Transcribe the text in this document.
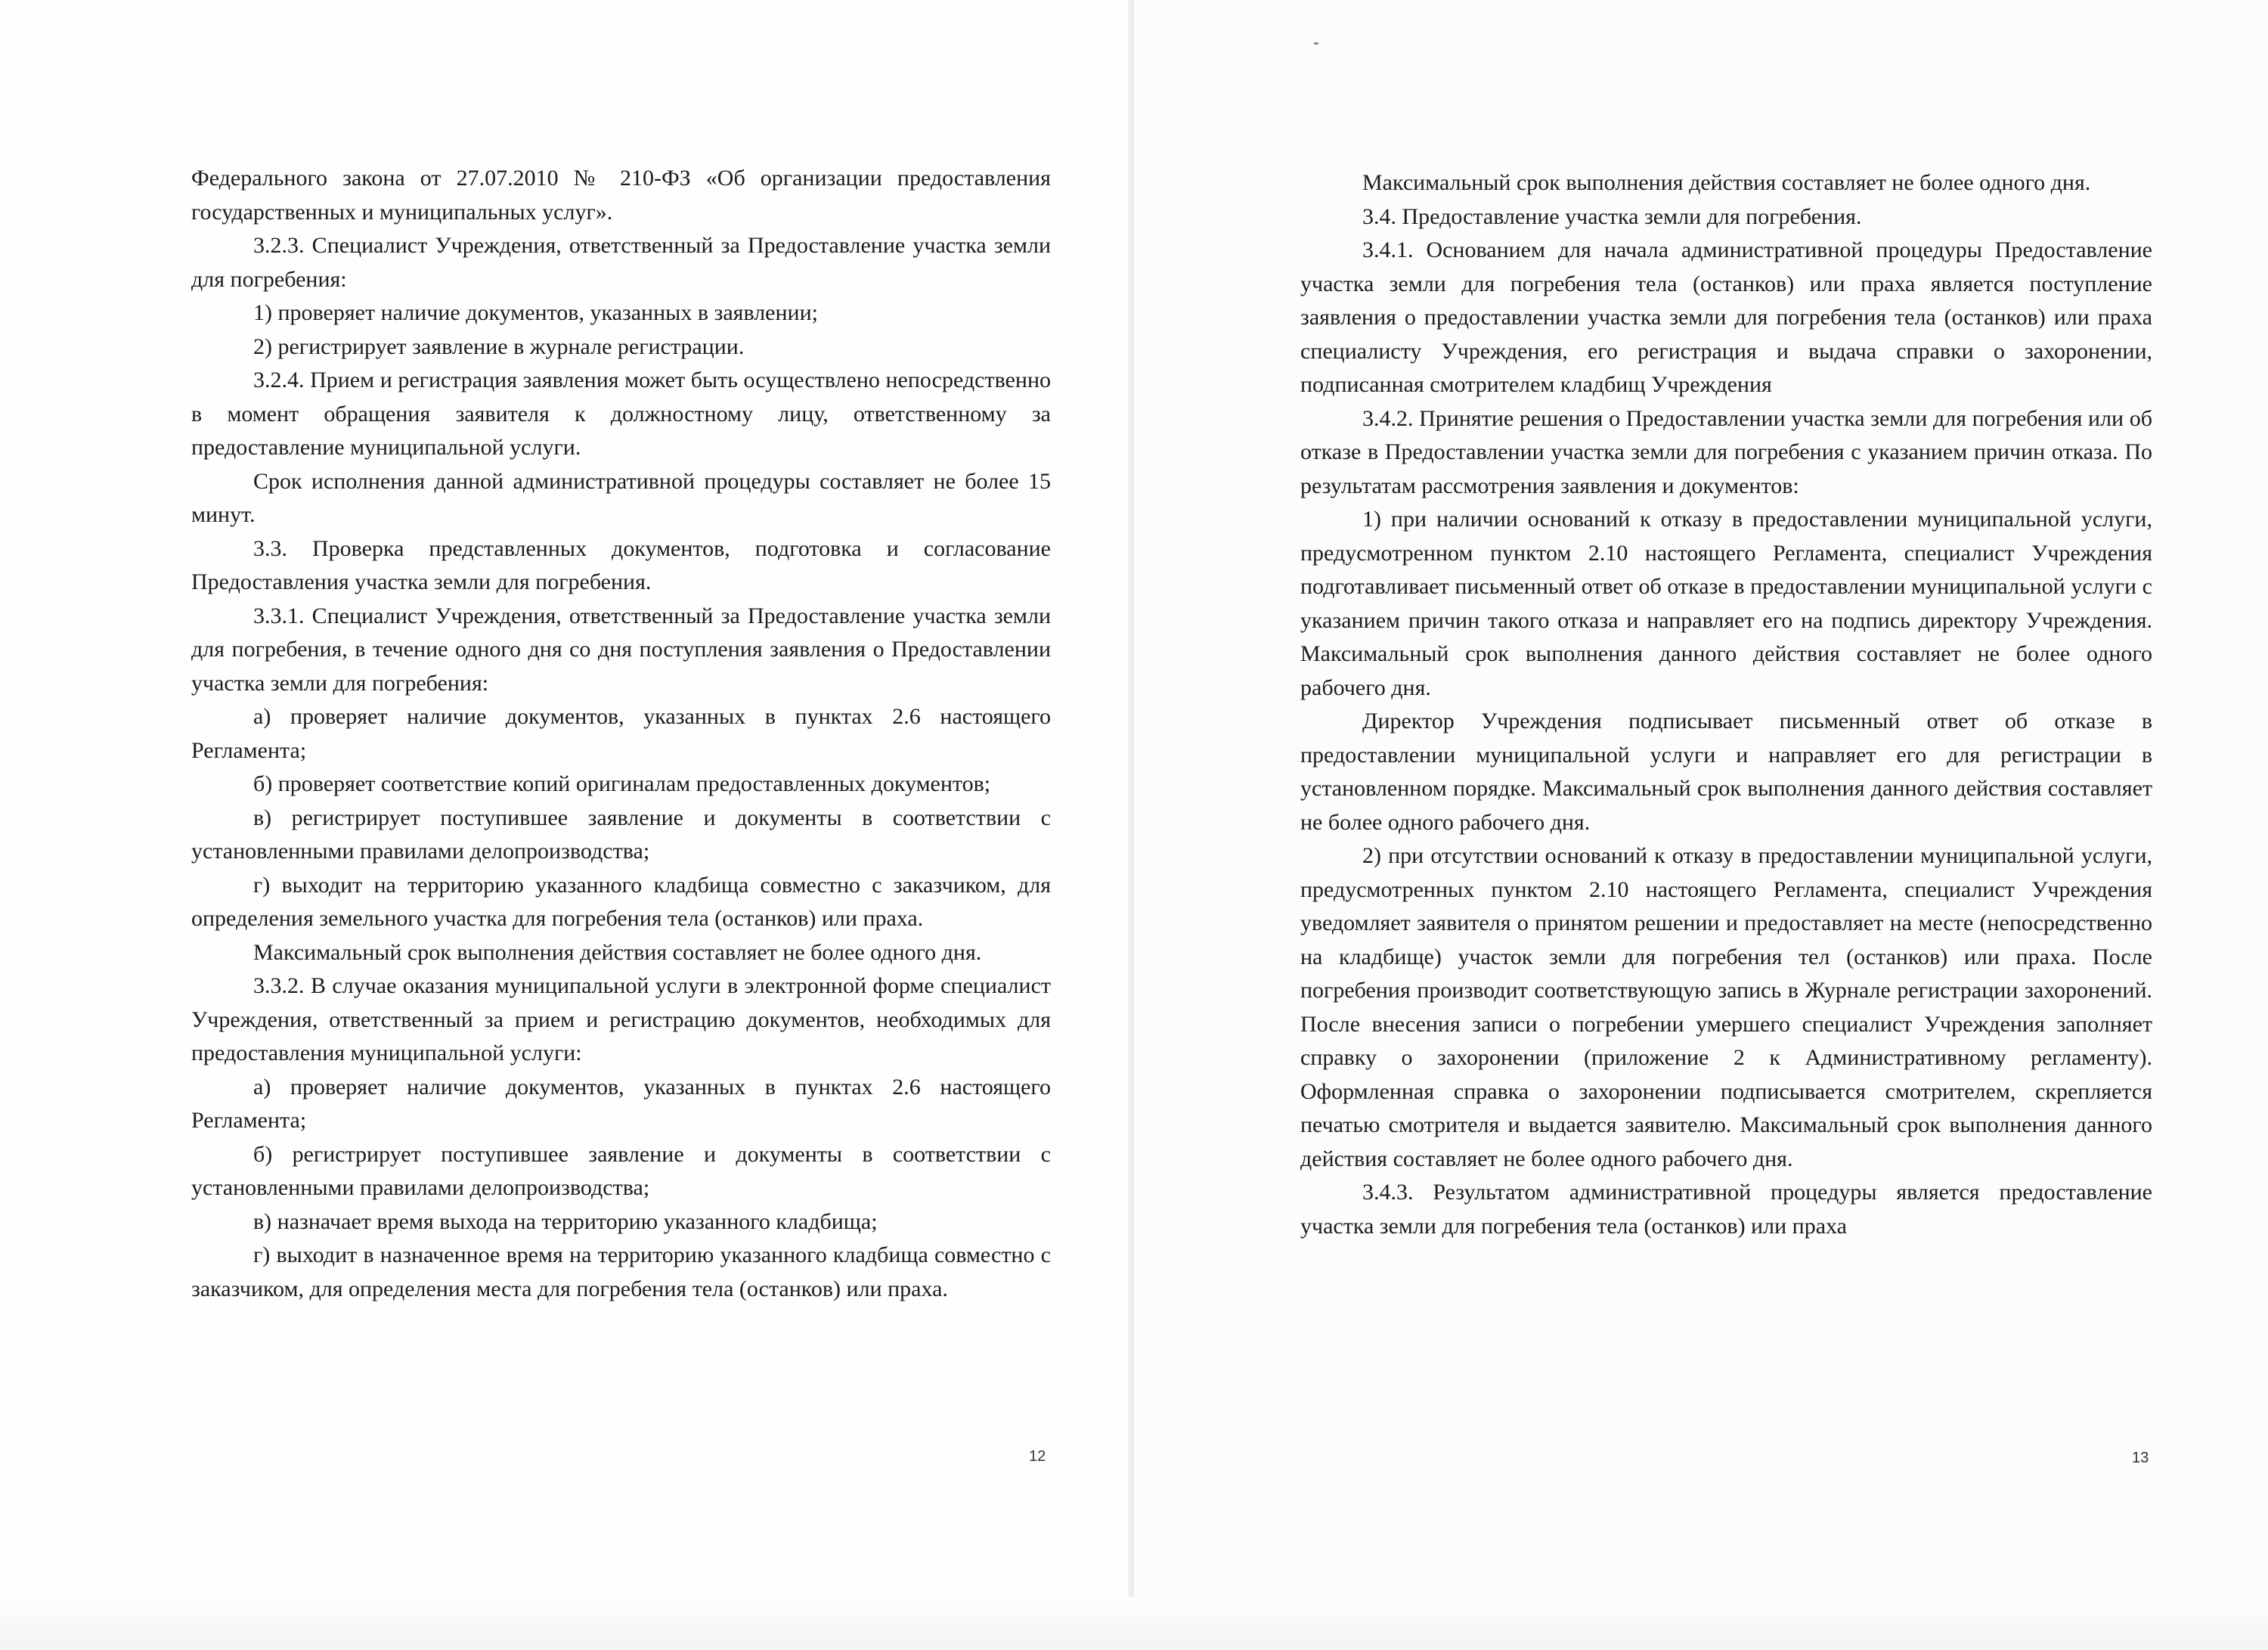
Федерального закона от 27.07.2010 № 210-ФЗ «Об организации предоставления государственных и муниципальных услуг».

3.2.3. Специалист Учреждения, ответственный за Предоставление участка земли для погребения:

1) проверяет наличие документов, указанных в заявлении;

2) регистрирует заявление в журнале регистрации.

3.2.4. Прием и регистрация заявления может быть осуществлено непосредственно в момент обращения заявителя к должностному лицу, ответственному за предоставление муниципальной услуги.

Срок исполнения данной административной процедуры составляет не более 15 минут.

3.3. Проверка представленных документов, подготовка и согласование Предоставления участка земли для погребения.

3.3.1. Специалист Учреждения, ответственный за Предоставление участка земли для погребения, в течение одного дня со дня поступления заявления о Предоставлении участка земли для погребения:

а) проверяет наличие документов, указанных в пунктах 2.6 настоящего Регламента;

б) проверяет соответствие копий оригиналам предоставленных документов;

в) регистрирует поступившее заявление и документы в соответствии с установленными правилами делопроизводства;

г) выходит на территорию указанного кладбища совместно с заказчиком, для определения земельного участка для погребения тела (останков) или праха.

Максимальный срок выполнения действия составляет не более одного дня.

3.3.2. В случае оказания муниципальной услуги в электронной форме специалист Учреждения, ответственный за прием и регистрацию документов, необходимых для предоставления муниципальной услуги:

а) проверяет наличие документов, указанных в пунктах 2.6 настоящего Регламента;

б) регистрирует поступившее заявление и документы в соответствии с установленными правилами делопроизводства;

в) назначает время выхода на территорию указанного кладбища;

г) выходит в назначенное время на территорию указанного кладбища совместно с заказчиком, для определения места для погребения тела (останков) или праха.

12

Максимальный срок выполнения действия составляет не более одного дня.

3.4. Предоставление участка земли для погребения.

3.4.1. Основанием для начала административной процедуры Предоставление участка земли для погребения тела (останков) или праха является поступление заявления о предоставлении участка земли для погребения тела (останков) или праха специалисту Учреждения, его регистрация и выдача справки о захоронении, подписанная смотрителем кладбищ Учреждения

3.4.2. Принятие решения о Предоставлении участка земли для погребения или об отказе в Предоставлении участка земли для погребения с указанием причин отказа. По результатам рассмотрения заявления и документов:

1) при наличии оснований к отказу в предоставлении муниципальной услуги, предусмотренном пунктом 2.10 настоящего Регламента, специалист Учреждения подготавливает письменный ответ об отказе в предоставлении муниципальной услуги с указанием причин такого отказа и направляет его на подпись директору Учреждения. Максимальный срок выполнения данного действия составляет не более одного рабочего дня.

Директор Учреждения подписывает письменный ответ об отказе в предоставлении муниципальной услуги и направляет его для регистрации в установленном порядке. Максимальный срок выполнения данного действия составляет не более одного рабочего дня.

2) при отсутствии оснований к отказу в предоставлении муниципальной услуги, предусмотренных пунктом 2.10 настоящего Регламента, специалист Учреждения уведомляет заявителя о принятом решении и предоставляет на месте (непосредственно на кладбище) участок земли для погребения тел (останков) или праха. После погребения производит соответствующую запись в Журнале регистрации захоронений. После внесения записи о погребении умершего специалист Учреждения заполняет справку о захоронении (приложение 2 к Административному регламенту). Оформленная справка о захоронении подписывается смотрителем, скрепляется печатью смотрителя и выдается заявителю. Максимальный срок выполнения данного действия составляет не более одного рабочего дня.

3.4.3. Результатом административной процедуры является предоставление участка земли для погребения тела (останков) или праха

13
